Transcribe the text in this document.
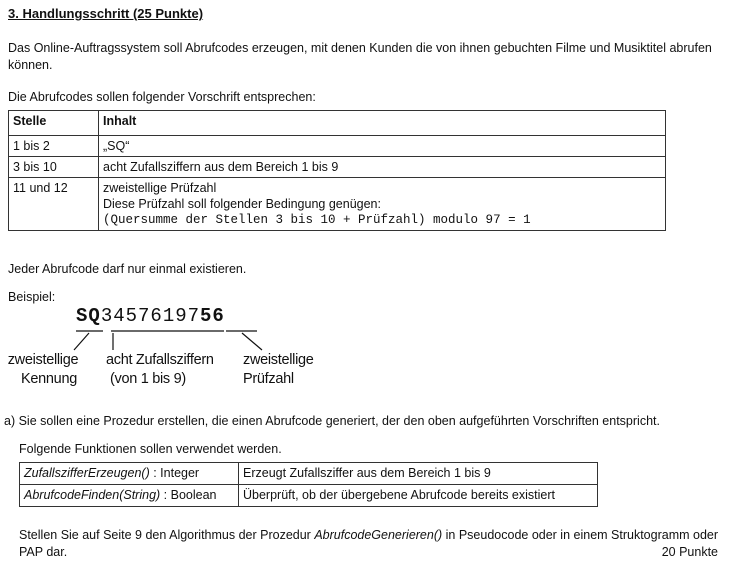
3. Handlungsschritt (25 Punkte)
Das Online-Auftragssystem soll Abrufcodes erzeugen, mit denen Kunden die von ihnen gebuchten Filme und Musiktitel abrufen können.
Die Abrufcodes sollen folgender Vorschrift entsprechen:
Stelle	Inhalt
1 bis 2	„SQ“
3 bis 10	acht Zufallsziffern aus dem Bereich 1 bis 9
11 und 12	zweistellige Prüfzahl
Diese Prüfzahl soll folgender Bedingung genügen:
(Quersumme der Stellen 3 bis 10 + Prüfzahl) modulo 97 = 1
Jeder Abrufcode darf nur einmal existieren.
Beispiel:
SQ3457619756
zweistellige
Kennung
acht Zufallsziffern
(von 1 bis 9)
zweistellige
Prüfzahl
a) Sie sollen eine Prozedur erstellen, die einen Abrufcode generiert, der den oben aufgeführten Vorschriften entspricht.
Folgende Funktionen sollen verwendet werden.
ZufallszifferErzeugen() : Integer	Erzeugt Zufallsziffer aus dem Bereich 1 bis 9
AbrufcodeFinden(String) : Boolean	Überprüft, ob der übergebene Abrufcode bereits existiert
Stellen Sie auf Seite 9 den Algorithmus der Prozedur AbrufcodeGenerieren() in Pseudocode oder in einem Struktogramm oder PAP dar.	20 Punkte
